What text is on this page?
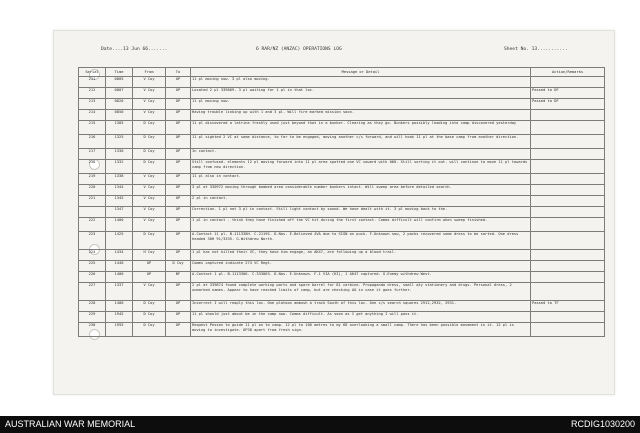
Date....13 Jun 66.......	6 RAR/NZ (ANZAC) OPERATIONS LOG	Sheet No. 13...........
Serial	Time	From	To	Message or Detail	Action/Remarks
211	0805	V Coy	OP	11 pl moving now. 3 pl also moving.	
212	0807	V Coy	OP	Located 2 pl 339869. 3 pl waiting for 1 pl in that loc.	Passed to DF
213	0820	V Coy	OP	11 pl moving now.	Passed to DF
214	0850	V Coy	OP	Having trouble linking up with 1 and 3 pl. Will fire marked mission soon.	
215	1305	D Coy	OP	11 pl discovered a latrine freshly used just beyond that in a bunker. Clearing as they go. Bunkers possibly leading into camp discovered yesterday	
216	1325	D Coy	OP	11 pl sighted 2 VC at some distance, to far to be engaged, moving another c/s forward, and will hook 11 pl at the base camp from another direction.	
217	1330	D Coy	OP	In contact.	
218	1332	D Coy	OP	Still confused. elements 12 pl moving forward into 11 pl area spotted one VC coward with 060. Still sorting it out. will continue to move 11 pl towards camp from new direction.	
219	1338	V Coy	OP	11 pl also in contact.	
220	1344	V Coy	OP	3 pl at 330972 moving through bombed area considerable number bunkers intact. Will sweep area before detailed search.	
221	1345	V Coy	OP	2 pl in contact.	
	1347	V Coy	OP	Correction. 1 pl not 3 pl in contact. Still light contact by sound. We have dealt with it. 3 pl moving back to the.	
222	1400	V Coy	OP	1 pl in contact - think they have finished off the VC hit during the first contact. Comms difficult will confirm when sweep finished.	
223	1425	D Coy	OP	A.Contact 11 pl. B.111338H. C.2119S. D.Nos. E.Believed 4VA due to SIGN on puck. F.Unknown now, 2 packs recovered some dress to be sorted. One dress headed 30H 91/3335. G.Withdrew North.	
224	1434	H Coy	OP	1 pl has not killed their VC, they have him engage, an AK47, are following up a blood trail.	
225	1440	OP	D Coy	Comms captured indicate 274 VC Regt.	
226	1400	OP	BF	A.Contact 1 pl. B.1113306. C.333063. D.Nos. E.Unknown. F.1 VIA (KI), 1 AK47 captured. G.Enemy withdrew West.	
227	1337	V Coy	OP	2 pl at 339874 found complete working parts and spare barrel for 81 carbine. Propaganda dress, small qty stationery and drugs. Personal dress, 2 unmarked names. Appear to have reached limits of camp, but are checking AO in case it goes further.	
228	1400	D Coy	OP	Incorrect I will reaply this loc. One platoon ambush a track South of this loc. One c/s search squares 2912,2932, 2931.	Passed to TF
229	1945	D Coy	OP	11 pl should just about be in the camp now. Comms difficult. As soon as I get anything I will pass it.	
230	1955	D Coy	OP	Request Pessen to guide 11 pl on to camp. 12 pl to 100 metres to my 68 overlooking a small camp. There has been possible movement in it. 12 pl is moving to investigate. OP38 apart from fresh sign.	
AUSTRALIAN WAR MEMORIAL	RCDIG1030200
